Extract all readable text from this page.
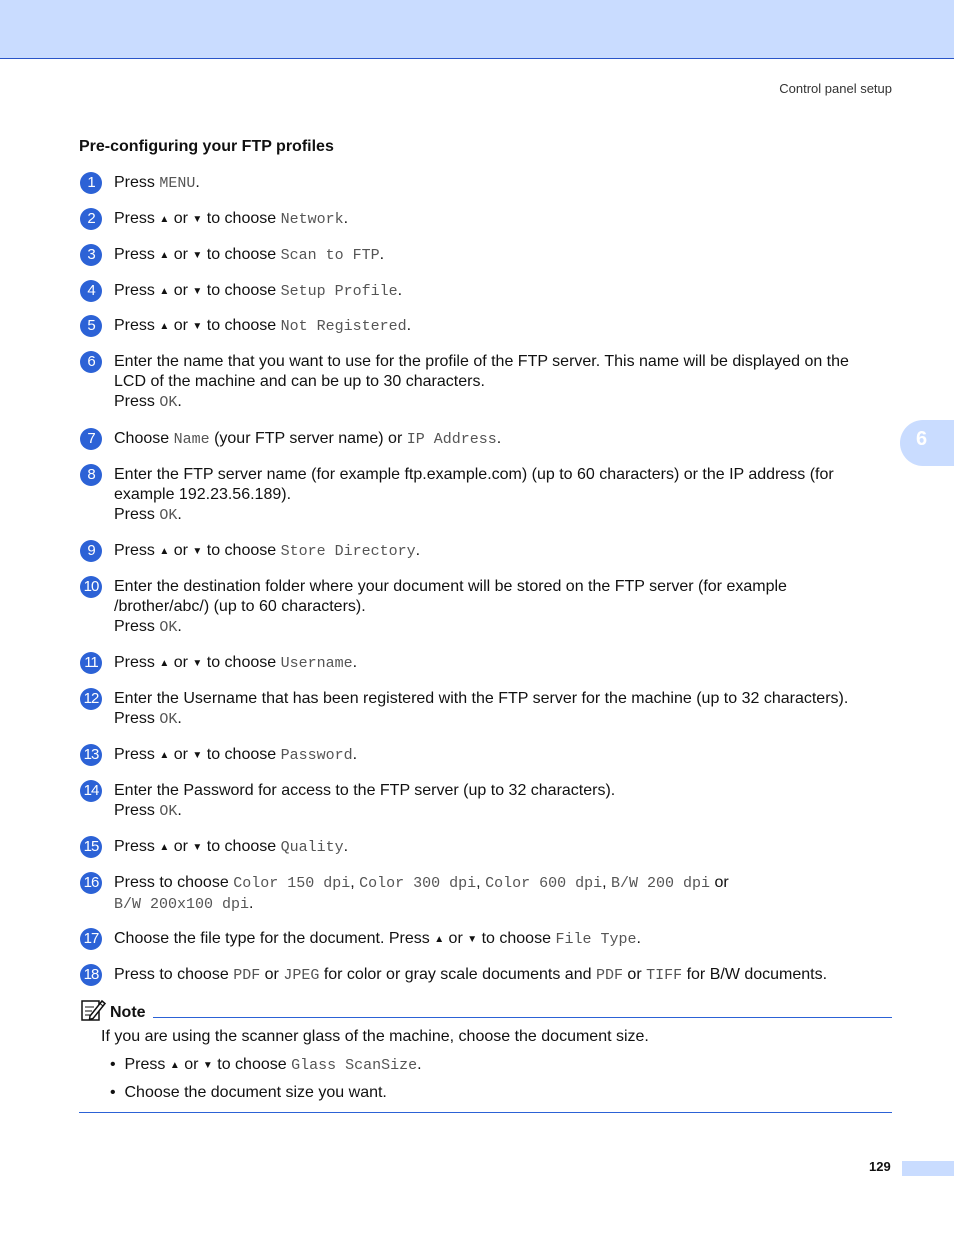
Control panel setup
Pre-configuring your FTP profiles
1	Press MENU.
2	Press ▲ or ▼ to choose Network.
3	Press ▲ or ▼ to choose Scan to FTP.
4	Press ▲ or ▼ to choose Setup Profile.
5	Press ▲ or ▼ to choose Not Registered.
6	Enter the name that you want to use for the profile of the FTP server. This name will be displayed on the
LCD of the machine and can be up to 30 characters.
Press OK.
7	Choose Name (your FTP server name) or IP Address.
8	Enter the FTP server name (for example ftp.example.com) (up to 60 characters) or the IP address (for
example 192.23.56.189).
Press OK.
9	Press ▲ or ▼ to choose Store Directory.
10 Enter the destination folder where your document will be stored on the FTP server (for example
/brother/abc/) (up to 60 characters).
Press OK.
11 Press ▲ or ▼ to choose Username.
12 Enter the Username that has been registered with the FTP server for the machine (up to 32 characters).
Press OK.
13 Press ▲ or ▼ to choose Password.
14 Enter the Password for access to the FTP server (up to 32 characters).
Press OK.
15 Press ▲ or ▼ to choose Quality.
16 Press to choose Color 150 dpi, Color 300 dpi, Color 600 dpi, B/W 200 dpi or
B/W 200x100 dpi.
17 Choose the file type for the document. Press ▲ or ▼ to choose File Type.
18 Press to choose PDF or JPEG for color or gray scale documents and PDF or TIFF for B/W documents.
Note
If you are using the scanner glass of the machine, choose the document size.
• Press ▲ or ▼ to choose Glass ScanSize.
• Choose the document size you want.
6
129
